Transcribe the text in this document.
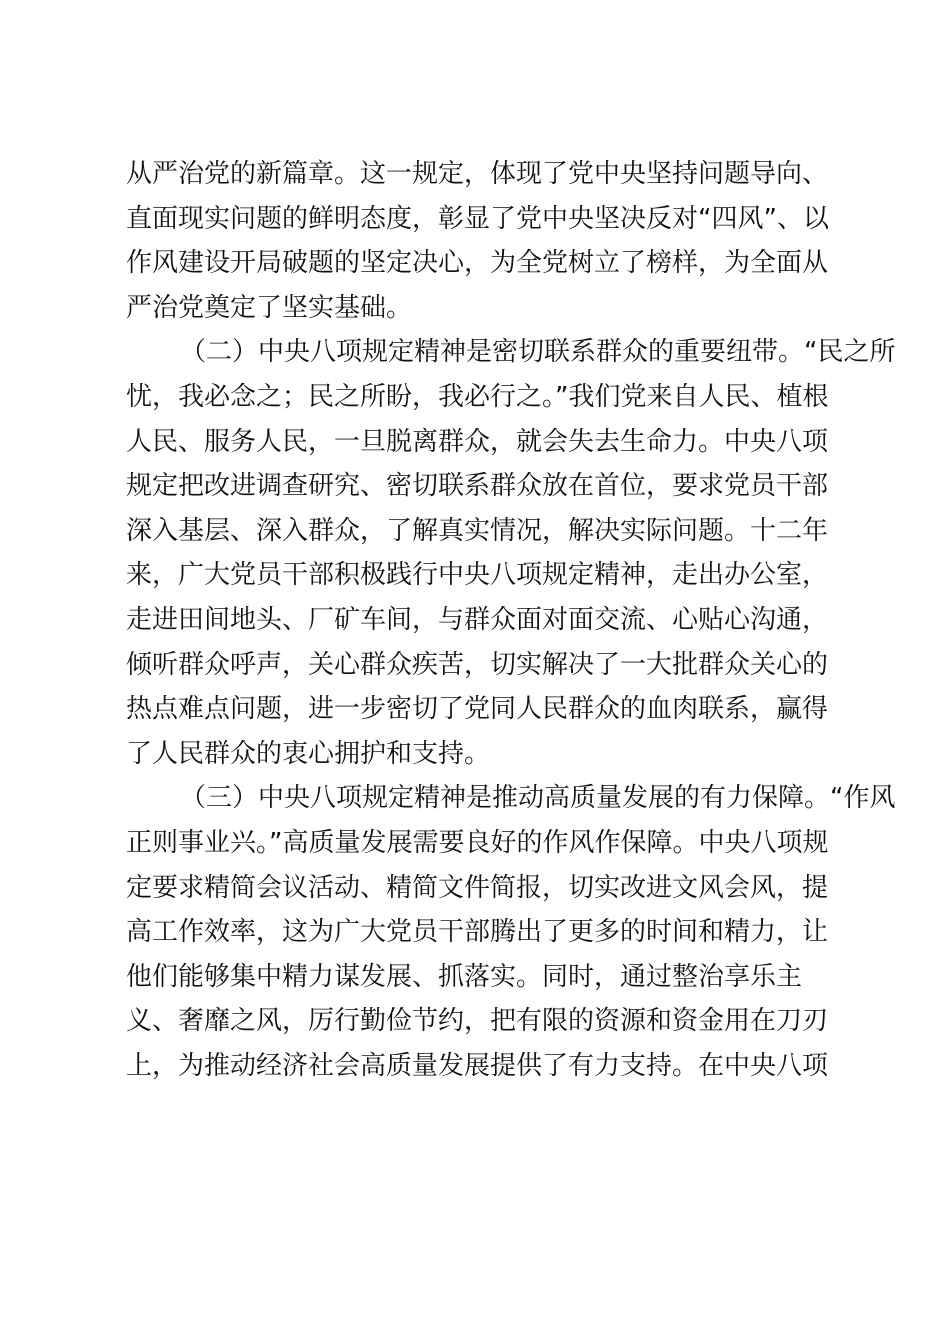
从严治党的新篇章。这一规定，体现了党中央坚持问题导向、
直面现实问题的鲜明态度，彰显了党中央坚决反对“四风”、以
作风建设开局破题的坚定决心，为全党树立了榜样，为全面从
严治党奠定了坚实基础。
（二）中央八项规定精神是密切联系群众的重要纽带。“民之所
忧，我必念之；民之所盼，我必行之。”我们党来自人民、植根
人民、服务人民，一旦脱离群众，就会失去生命力。中央八项
规定把改进调查研究、密切联系群众放在首位，要求党员干部
深入基层、深入群众，了解真实情况，解决实际问题。十二年
来，广大党员干部积极践行中央八项规定精神，走出办公室，
走进田间地头、厂矿车间，与群众面对面交流、心贴心沟通，
倾听群众呼声，关心群众疾苦，切实解决了一大批群众关心的
热点难点问题，进一步密切了党同人民群众的血肉联系，赢得
了人民群众的衷心拥护和支持。
（三）中央八项规定精神是推动高质量发展的有力保障。“作风
正则事业兴。”高质量发展需要良好的作风作保障。中央八项规
定要求精简会议活动、精简文件简报，切实改进文风会风，提
高工作效率，这为广大党员干部腾出了更多的时间和精力，让
他们能够集中精力谋发展、抓落实。同时，通过整治享乐主
义、奢靡之风，厉行勤俭节约，把有限的资源和资金用在刀刃
上，为推动经济社会高质量发展提供了有力支持。在中央八项
